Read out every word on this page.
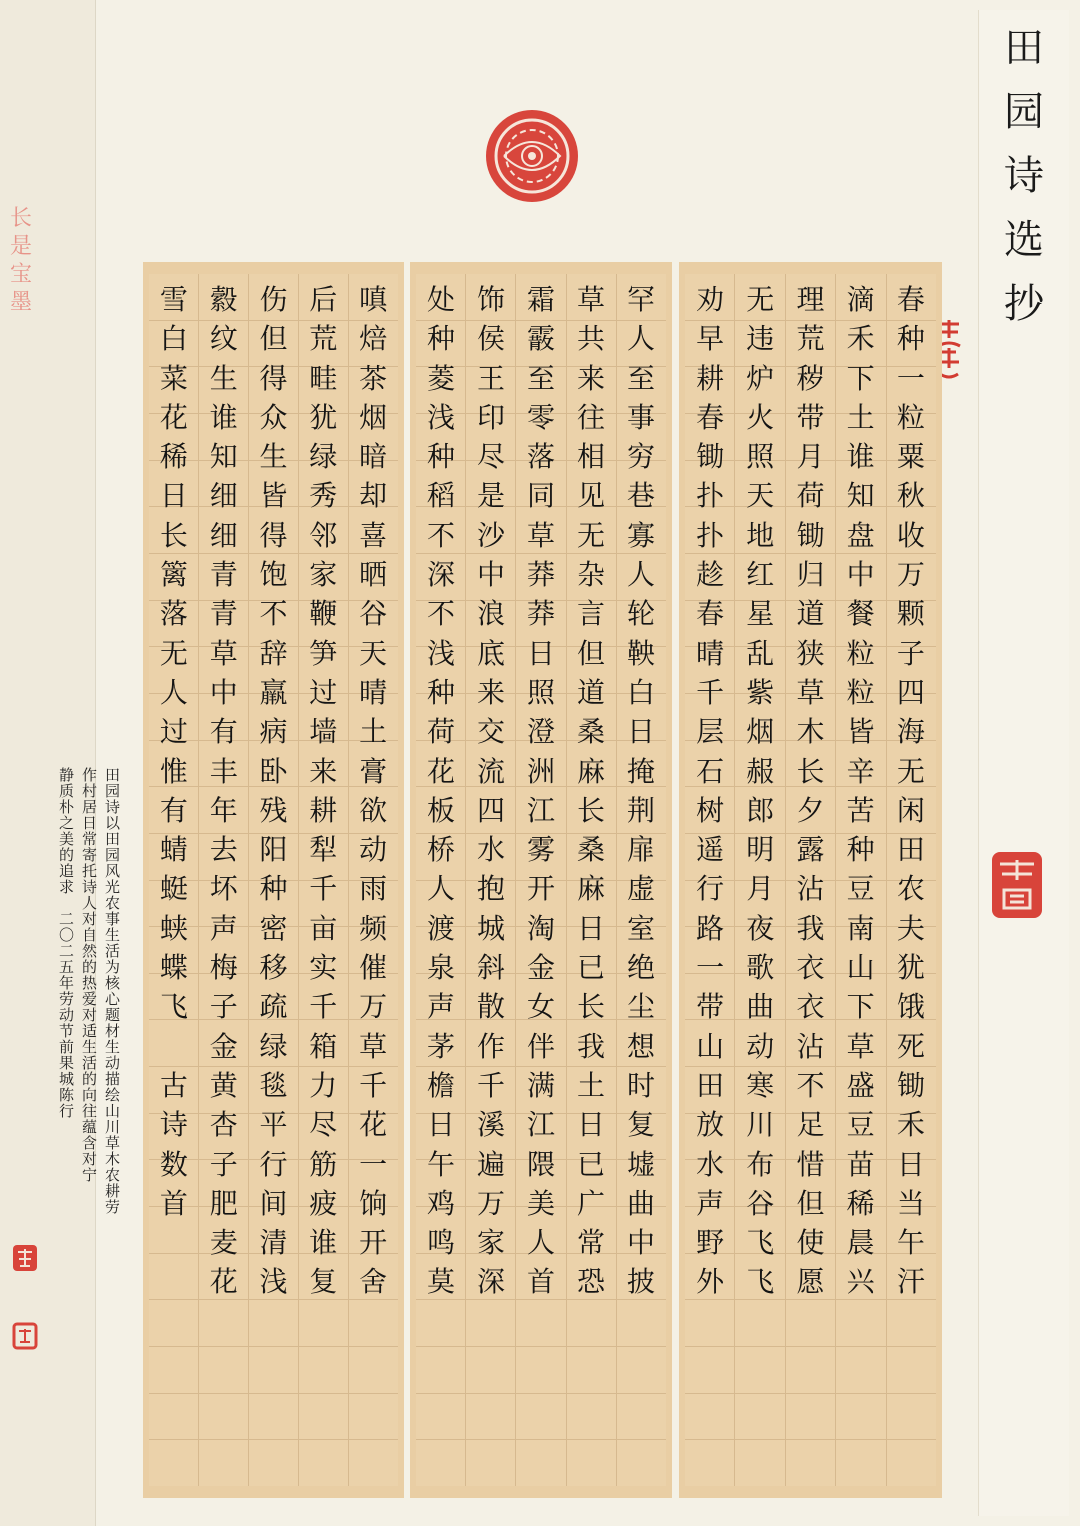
田
园
诗
选
抄
长
是
宝
墨	嗔
焙
茶
烟
暗
却
喜
晒
谷
天
晴
土
膏
欲
动
雨
频
催
万
草
千
花
一
饷
开
舍
后
荒
畦
犹
绿
秀
邻
家
鞭
笋
过
墙
来
耕
犁
千
亩
实
千
箱
力
尽
筋
疲
谁
复
伤
但
得
众
生
皆
得
饱
不
辞
羸
病
卧
残
阳
种
密
移
疏
绿
毯
平
行
间
清
浅
縠
纹
生
谁
知
细
细
青
青
草
中
有
丰
年
去
坏
声
梅
子
金
黄
杏
子
肥
麦
花
雪
白
菜
花
稀
日
长
篱
落
无
人
过
惟
有
蜻
蜓
蛱
蝶
飞

古
诗
数
首
罕
人
至
事
穷
巷
寡
人
轮
鞅
白
日
掩
荆
扉
虚
室
绝
尘
想
时
复
墟
曲
中
披
草
共
来
往
相
见
无
杂
言
但
道
桑
麻
长
桑
麻
日
已
长
我
土
日
已
广
常
恐
霜
霰
至
零
落
同
草
莽
莽
日
照
澄
洲
江
雾
开
淘
金
女
伴
满
江
隈
美
人
首
饰
侯
王
印
尽
是
沙
中
浪
底
来
交
流
四
水
抱
城
斜
散
作
千
溪
遍
万
家
深
处
种
菱
浅
种
稻
不
深
不
浅
种
荷
花
板
桥
人
渡
泉
声
茅
檐
日
午
鸡
鸣
莫
春
种
一
粒
粟
秋
收
万
颗
子
四
海
无
闲
田
农
夫
犹
饿
死
锄
禾
日
当
午
汗
滴
禾
下
土
谁
知
盘
中
餐
粒
粒
皆
辛
苦
种
豆
南
山
下
草
盛
豆
苗
稀
晨
兴
理
荒
秽
带
月
荷
锄
归
道
狭
草
木
长
夕
露
沾
我
衣
衣
沾
不
足
惜
但
使
愿
无
违
炉
火
照
天
地
红
星
乱
紫
烟
赧
郎
明
月
夜
歌
曲
动
寒
川
布
谷
飞
飞
劝
早
耕
春
锄
扑
扑
趁
春
晴
千
层
石
树
遥
行
路
一
带
山
田
放
水
声
野
外
田
园
诗
以
田
园
风
光
农
事
生
活
为
核
心
题
材
生
动
描
绘
山
川
草
木
农
耕
劳
作
村
居
日
常
寄
托
诗
人
对
自
然
的
热
爱
对
适
生
活
的
向
往
蕴
含
对
宁
静
质
朴
之
美
的
追
求

二
〇
二
五
年
劳
动
节
前
果
城
陈
行
